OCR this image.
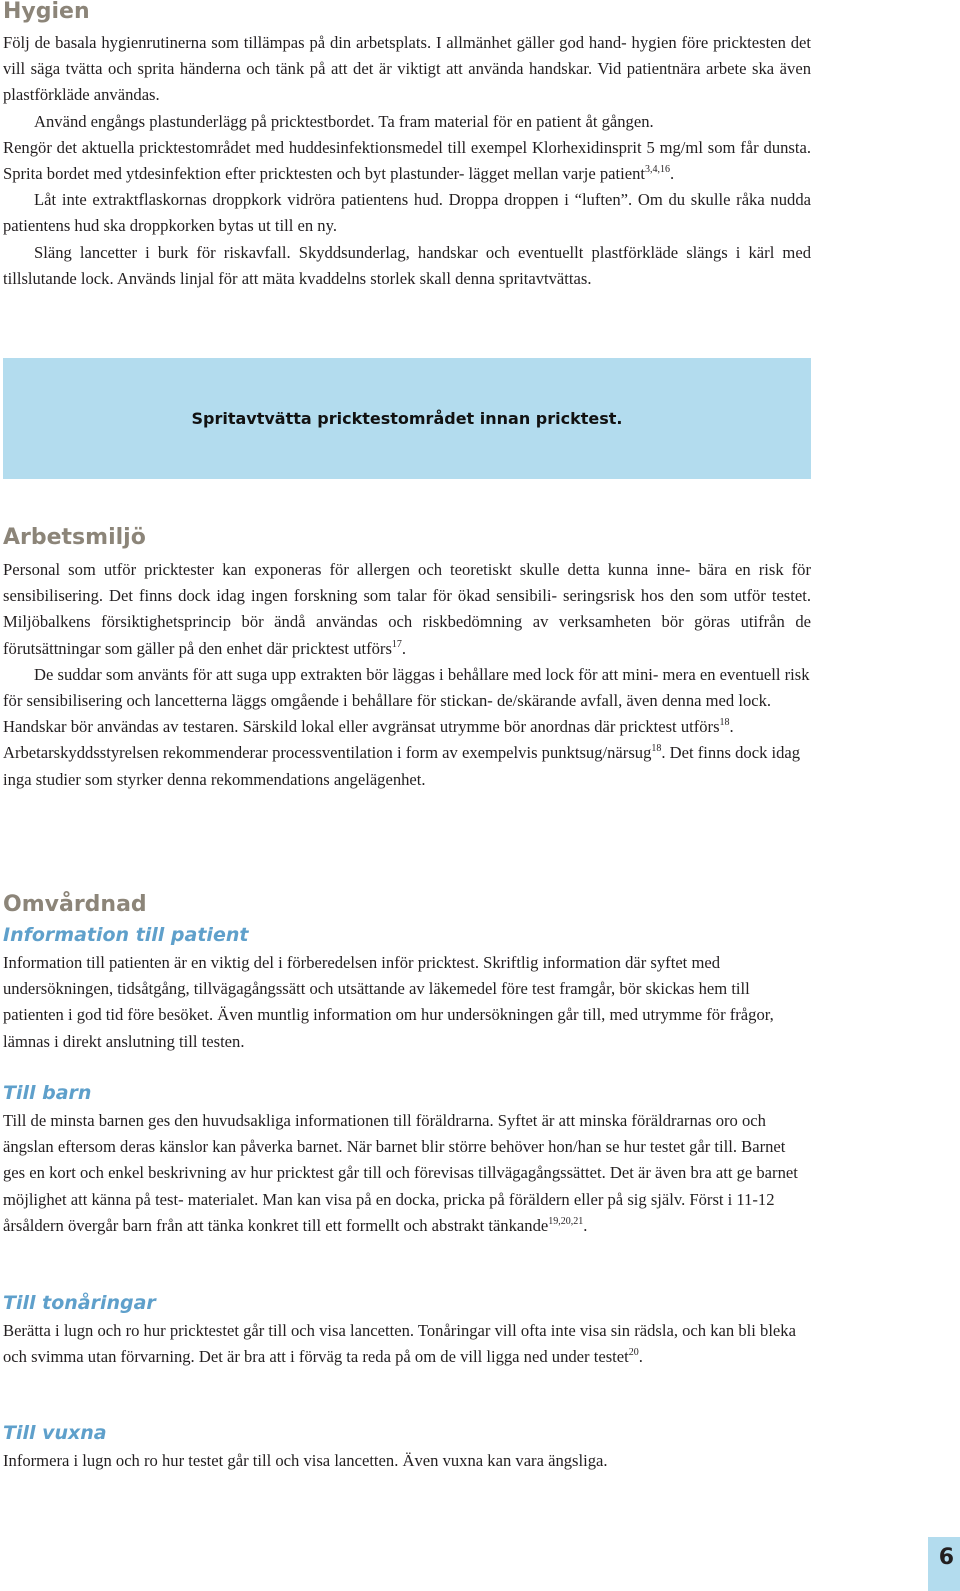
Hygien

Följ de basala hygienrutinerna som tillämpas på din arbetsplats. I allmänhet gäller god hand- hygien före pricktesten det vill säga tvätta och sprita händerna och tänk på att det är viktigt att använda handskar. Vid patientnära arbete ska även plastförkläde användas.

Använd engångs plastunderlägg på pricktestbordet. Ta fram material för en patient åt gången.

Rengör det aktuella pricktestområdet med huddesinfektionsmedel till exempel Klorhexidinsprit 5 mg/ml som får dunsta. Sprita bordet med ytdesinfektion efter pricktesten och byt plastunder- lägget mellan varje patient$^{3,4,16}$.

Låt inte extraktflaskornas droppkork vidröra patientens hud. Droppa droppen i “luften”. Om du skulle råka nudda patientens hud ska droppkorken bytas ut till en ny.

Släng lancetter i burk för riskavfall. Skyddsunderlag, handskar och eventuellt plastförkläde slängs i kärl med tillslutande lock. Används linjal för att mäta kvaddelns storlek skall denna spritavtvättas.

Spritavtvätta pricktestområdet innan pricktest.
Arbetsmiljö

Personal som utför pricktester kan exponeras för allergen och teoretiskt skulle detta kunna inne- bära en risk för sensibilisering. Det finns dock idag ingen forskning som talar för ökad sensibili- seringsrisk hos den som utför testet. Miljöbalkens försiktighetsprincip bör ändå användas och riskbedömning av verksamheten bör göras utifrån de förutsättningar som gäller på den enhet där pricktest utförs$^{17}$.

De suddar som använts för att suga upp extrakten bör läggas i behållare med lock för att mini- mera en eventuell risk för sensibilisering och lancetterna läggs omgående i behållare för stickan- de/skärande avfall, även denna med lock. Handskar bör användas av testaren. Särskild lokal eller avgränsat utrymme bör anordnas där pricktest utförs$^{18}$. Arbetarskyddsstyrelsen rekommenderar processventilation i form av exempelvis punktsug/närsug$^{18}$. Det finns dock idag inga studier som styrker denna rekommendations angelägenhet.

Omvårdnad
Information till patient

Information till patienten är en viktig del i förberedelsen inför pricktest. Skriftlig information där syftet med undersökningen, tidsåtgång, tillvägagångssätt och utsättande av läkemedel före test framgår, bör skickas hem till patienten i god tid före besöket. Även muntlig information om hur undersökningen går till, med utrymme för frågor, lämnas i direkt anslutning till testen.

Till barn

Till de minsta barnen ges den huvudsakliga informationen till föräldrarna. Syftet är att minska föräldrarnas oro och ängslan eftersom deras känslor kan påverka barnet. När barnet blir större behöver hon/han se hur testet går till. Barnet ges en kort och enkel beskrivning av hur pricktest går till och förevisas tillvägagångssättet. Det är även bra att ge barnet möjlighet att känna på test- materialet. Man kan visa på en docka, pricka på föräldern eller på sig själv. Först i 11-12 årsåldern övergår barn från att tänka konkret till ett formellt och abstrakt tänkande$^{19,20,21}$.

Till tonåringar

Berätta i lugn och ro hur pricktestet går till och visa lancetten. Tonåringar vill ofta inte visa sin rädsla, och kan bli bleka och svimma utan förvarning. Det är bra att i förväg ta reda på om de vill ligga ned under testet$^{20}$.

Till vuxna

Informera i lugn och ro hur testet går till och visa lancetten. Även vuxna kan vara ängsliga.

6
